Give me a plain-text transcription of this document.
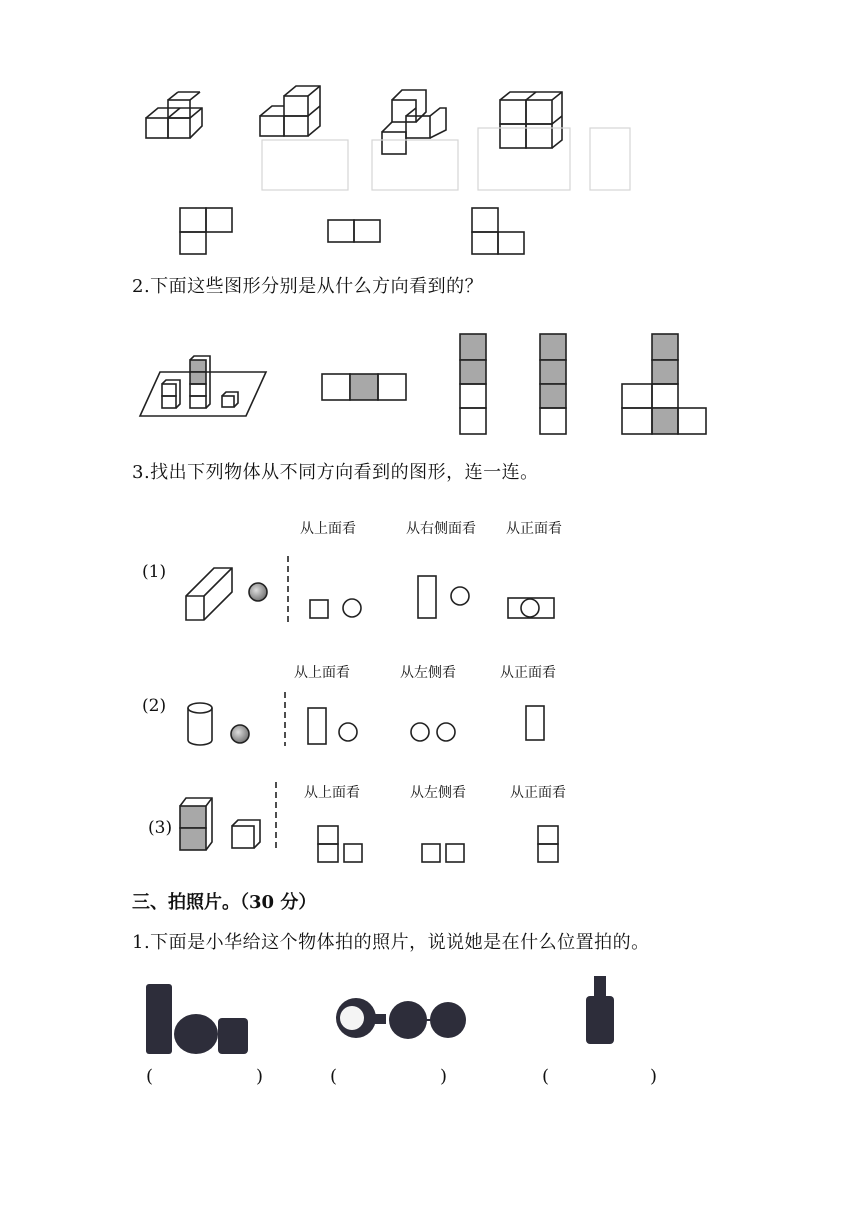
2.下面这些图形分别是从什么方向看到的？
3.找出下列物体从不同方向看到的图形，连一连。
从上面看	从右侧面看 从正面看
(1)
从上面看	从左侧看	从正面看
(2)
从上面看	从左侧看	从正面看
(3)
三、拍照片。（30 分）
1.下面是小华给这个物体拍的照片，说说她是在什么位置拍的。
(	)	(	)	(	)
